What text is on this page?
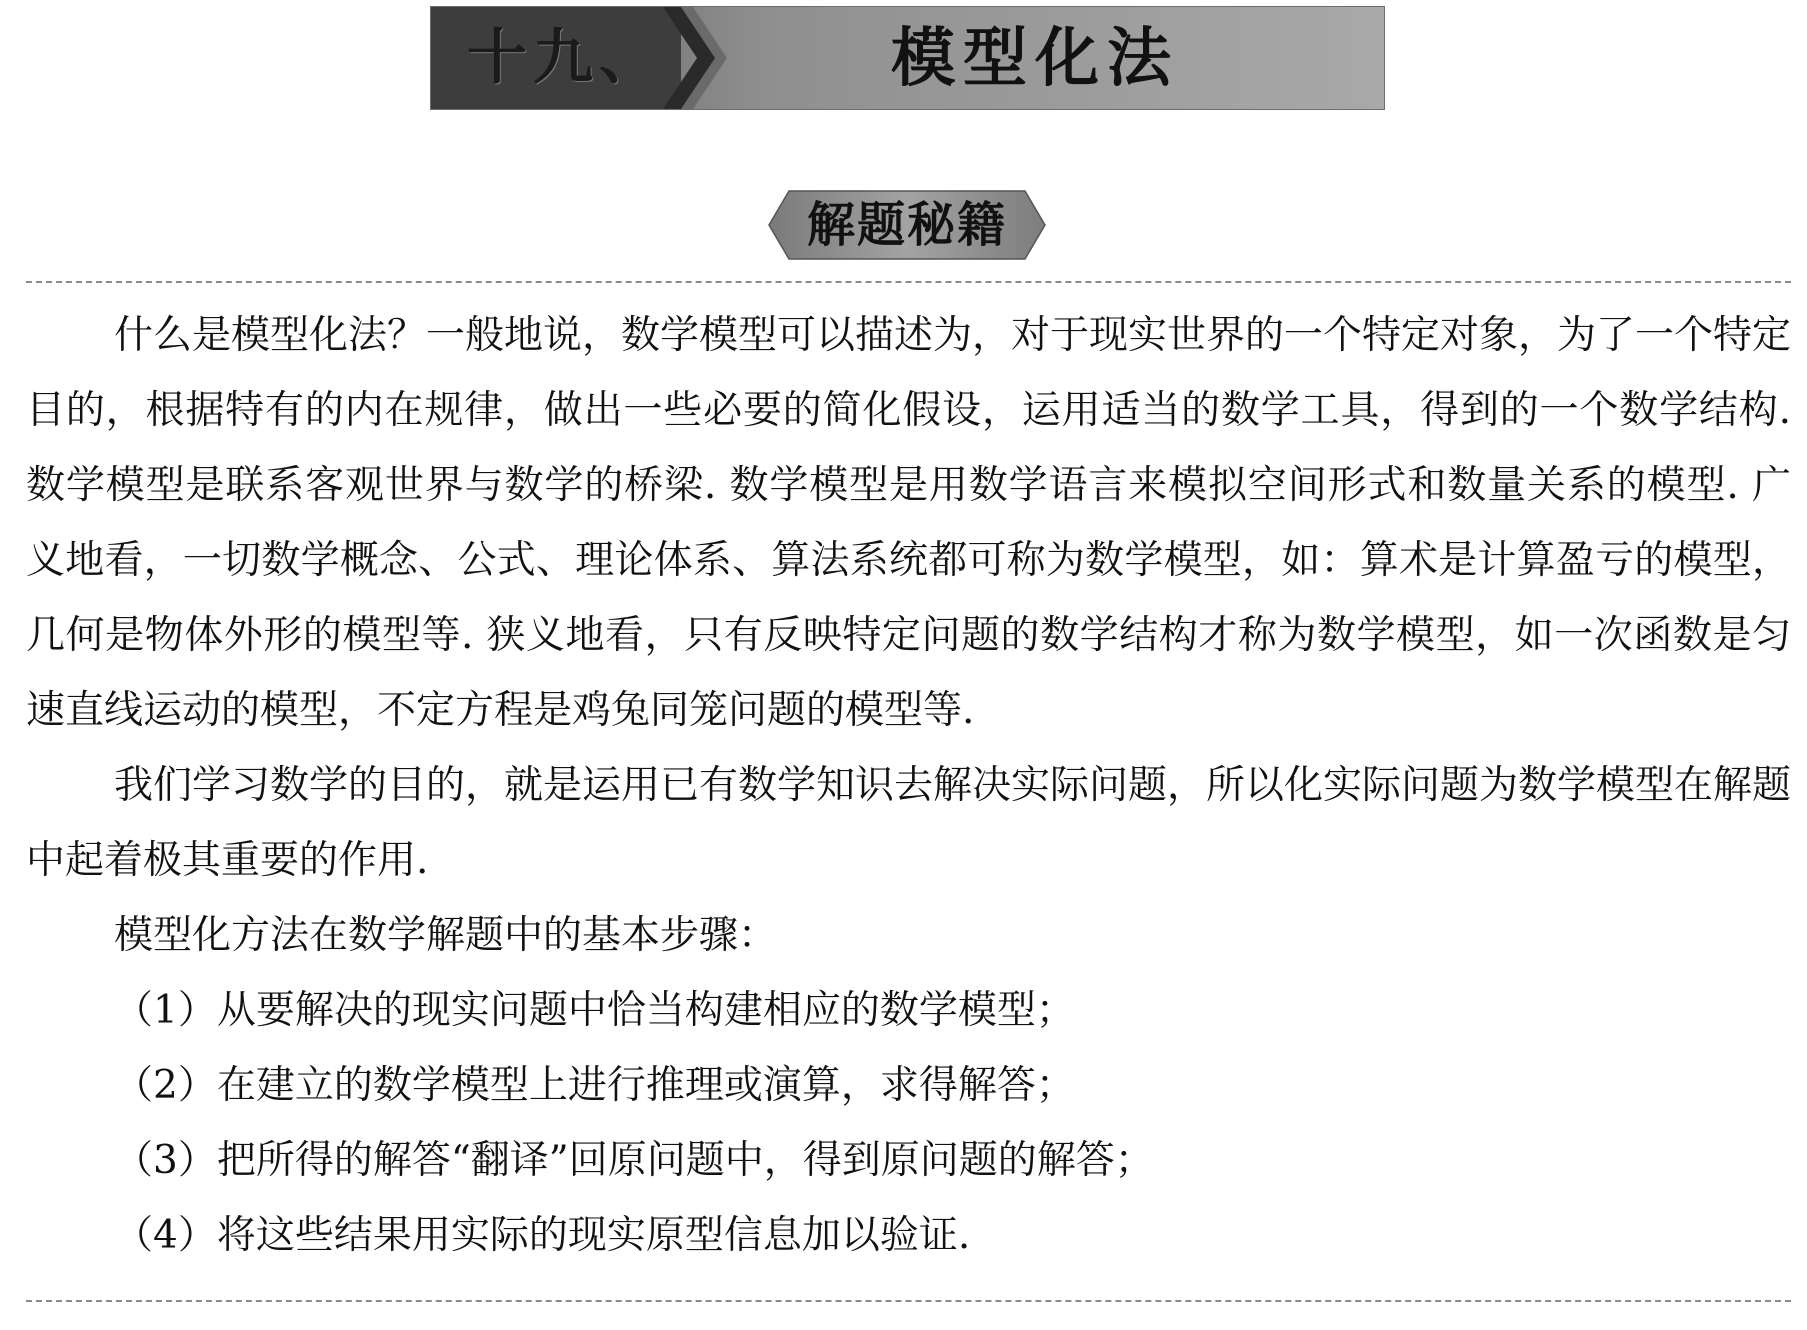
十九、	模型化法
解题秘籍

什么是模型化法？一般地说，数学模型可以描述为，对于现实世界的一个特定对象，为了一个特定目的，根据特有的内在规律，做出一些必要的简化假设，运用适当的数学工具，得到的一个数学结构. 数学模型是联系客观世界与数学的桥梁. 数学模型是用数学语言来模拟空间形式和数量关系的模型. 广义地看，一切数学概念、公式、理论体系、算法系统都可称为数学模型，如：算术是计算盈亏的模型，几何是物体外形的模型等. 狭义地看，只有反映特定问题的数学结构才称为数学模型，如一次函数是匀速直线运动的模型，不定方程是鸡兔同笼问题的模型等.

我们学习数学的目的，就是运用已有数学知识去解决实际问题，所以化实际问题为数学模型在解题中起着极其重要的作用.

模型化方法在数学解题中的基本步骤：

（1）从要解决的现实问题中恰当构建相应的数学模型；
（2）在建立的数学模型上进行推理或演算，求得解答；
（3）把所得的解答“翻译”回原问题中，得到原问题的解答；
（4）将这些结果用实际的现实原型信息加以验证.
